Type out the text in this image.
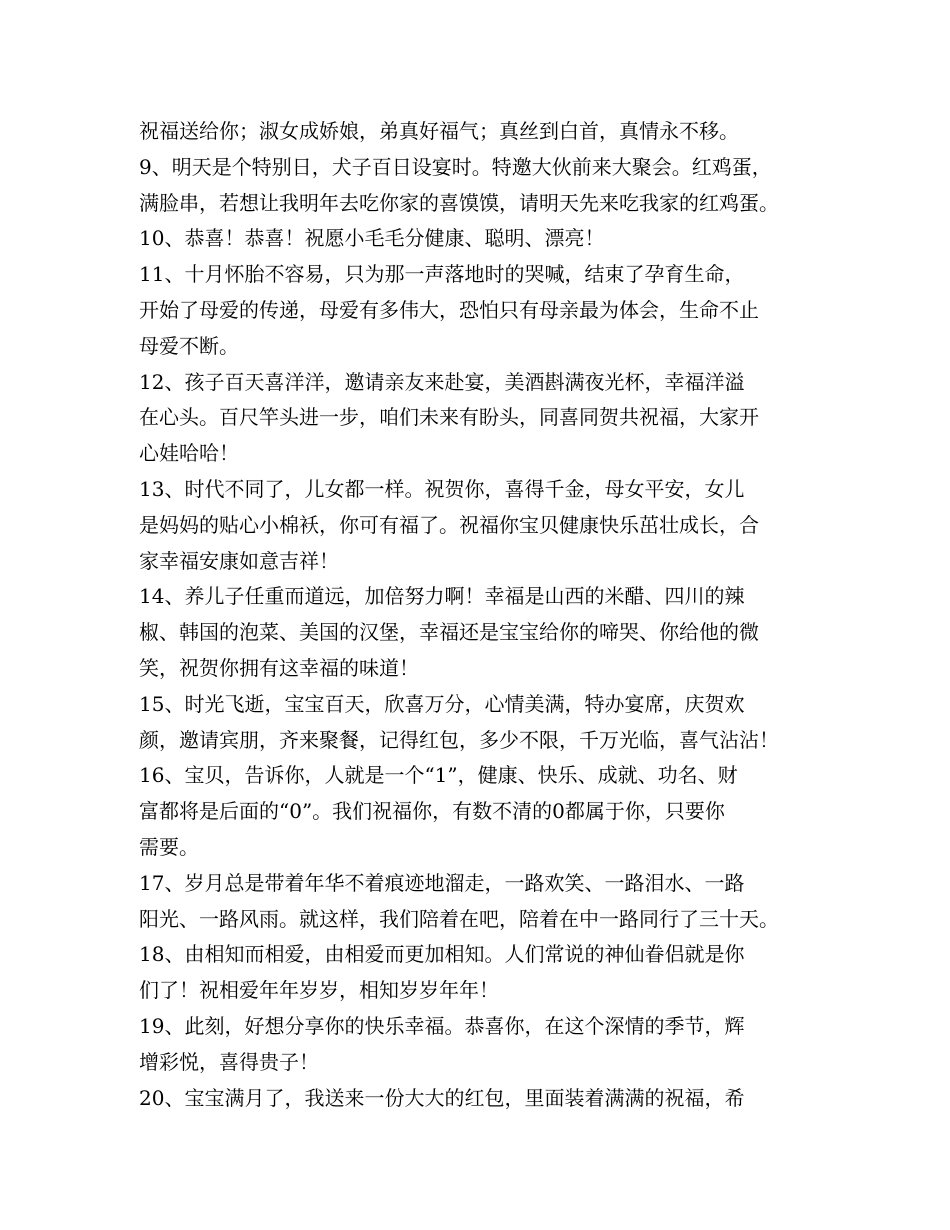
祝福送给你；淑女成娇娘，弟真好福气；真丝到白首，真情永不移。
9、明天是个特别日，犬子百日设宴时。特邀大伙前来大聚会。红鸡蛋，
满脸串，若想让我明年去吃你家的喜馍馍，请明天先来吃我家的红鸡蛋。
10、恭喜！恭喜！祝愿小毛毛分健康、聪明、漂亮！
11、十月怀胎不容易，只为那一声落地时的哭喊，结束了孕育生命，
开始了母爱的传递，母爱有多伟大，恐怕只有母亲最为体会，生命不止
母爱不断。
12、孩子百天喜洋洋，邀请亲友来赴宴，美酒斟满夜光杯，幸福洋溢
在心头。百尺竿头进一步，咱们未来有盼头，同喜同贺共祝福，大家开
心娃哈哈！
13、时代不同了，儿女都一样。祝贺你，喜得千金，母女平安，女儿
是妈妈的贴心小棉袄，你可有福了。祝福你宝贝健康快乐茁壮成长，合
家幸福安康如意吉祥！
14、养儿子任重而道远，加倍努力啊！幸福是山西的米醋、四川的辣
椒、韩国的泡菜、美国的汉堡，幸福还是宝宝给你的啼哭、你给他的微
笑，祝贺你拥有这幸福的味道！
15、时光飞逝，宝宝百天，欣喜万分，心情美满，特办宴席，庆贺欢
颜，邀请宾朋，齐来聚餐，记得红包，多少不限，千万光临，喜气沾沾！
16、宝贝，告诉你，人就是一个“1”，健康、快乐、成就、功名、财
富都将是后面的“0”。我们祝福你，有数不清的0都属于你，只要你
需要。
17、岁月总是带着年华不着痕迹地溜走，一路欢笑、一路泪水、一路
阳光、一路风雨。就这样，我们陪着在吧，陪着在中一路同行了三十天。
18、由相知而相爱，由相爱而更加相知。人们常说的神仙眷侣就是你
们了！祝相爱年年岁岁，相知岁岁年年！
19、此刻，好想分享你的快乐幸福。恭喜你，在这个深情的季节，辉
增彩悦，喜得贵子！
20、宝宝满月了，我送来一份大大的红包，里面装着满满的祝福，希
